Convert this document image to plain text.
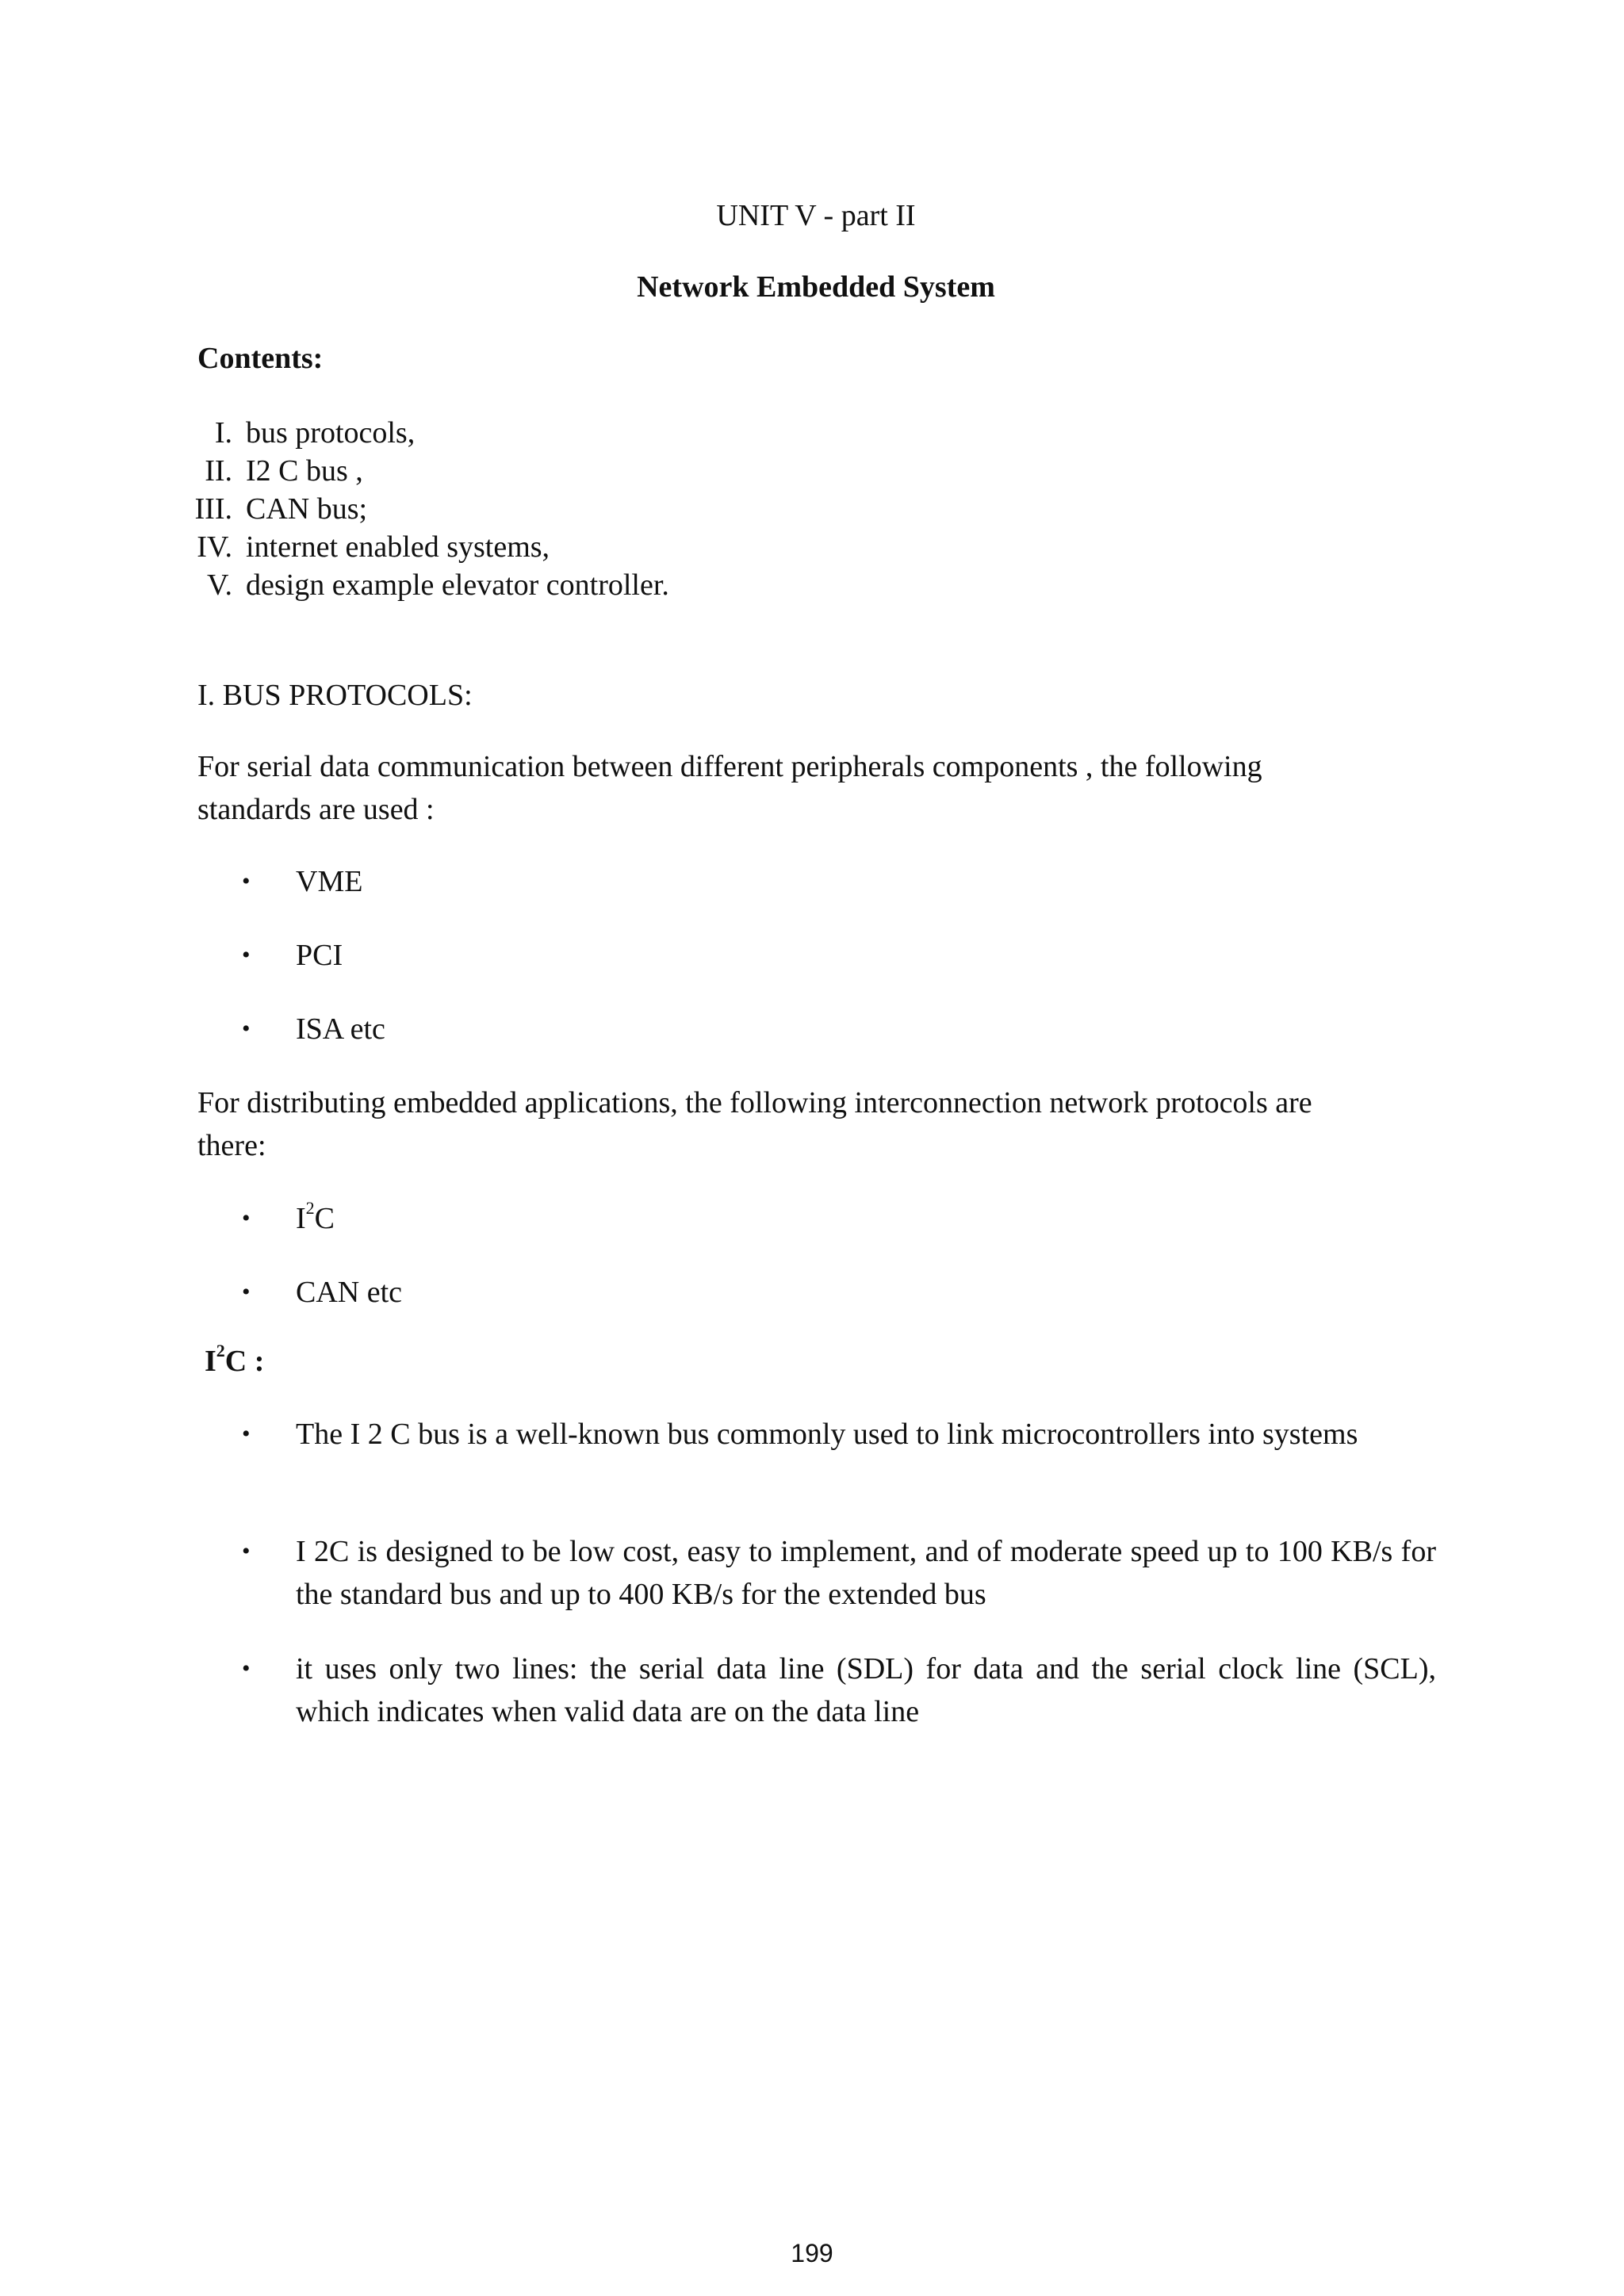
UNIT V - part II
Network Embedded System
Contents:
I. bus protocols,
II. I2 C bus ,
III. CAN bus;
IV. internet enabled systems,
V. design example elevator controller.
I. BUS PROTOCOLS:
For serial data communication between different peripherals components , the following
standards are used :
•	VME
•	PCI
•	ISA etc
For distributing embedded applications, the following interconnection network protocols are
there:
•	$I^2C$
•	CAN etc
$I^2C$ :
•	The I 2 C bus is a well-known bus commonly used to link microcontrollers into systems
•	I 2C is designed to be low cost, easy to implement, and of moderate speed up to 100 KB/s for the standard bus and up to 400 KB/s for the extended bus
•	it uses only two lines: the serial data line (SDL) for data and the serial clock line (SCL), which indicates when valid data are on the data line
199
